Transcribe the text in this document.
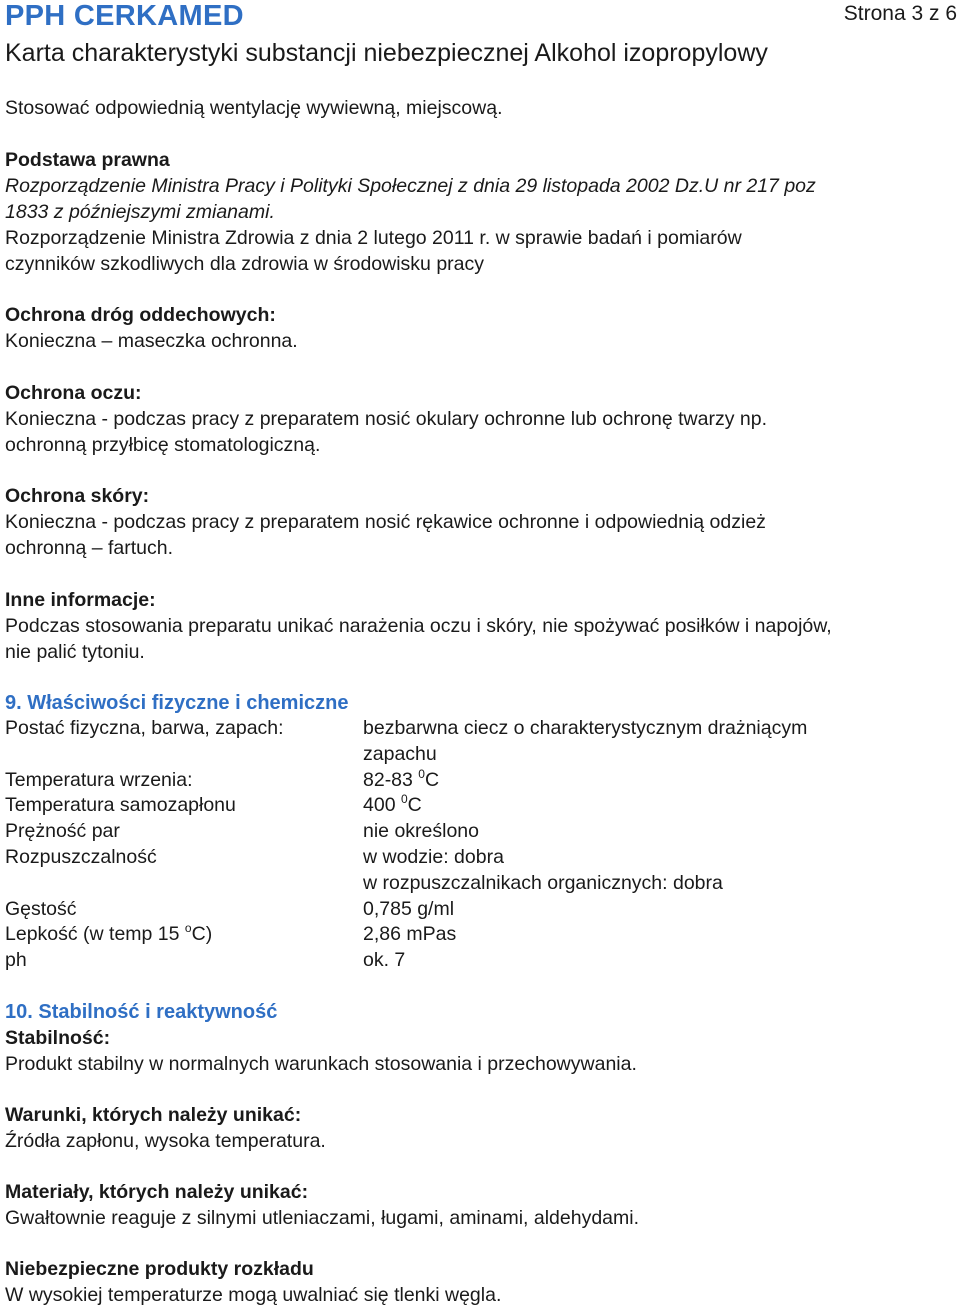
PPH CERKAMED	Strona 3 z 6
Karta charakterystyki substancji niebezpiecznej Alkohol izopropylowy

Stosować odpowiednią wentylację wywiewną, miejscową.

Podstawa prawna

Rozporządzenie Ministra Pracy i Polityki Społecznej z dnia 29 listopada 2002 Dz.U nr 217 poz

1833 z późniejszymi zmianami.

Rozporządzenie Ministra Zdrowia z dnia 2 lutego 2011 r. w sprawie badań i pomiarów

czynników szkodliwych dla zdrowia w środowisku pracy

Ochrona dróg oddechowych:

Konieczna – maseczka ochronna.

Ochrona oczu:

Konieczna - podczas pracy z preparatem nosić okulary ochronne lub ochronę twarzy np.

ochronną przyłbicę stomatologiczną.

Ochrona skóry:

Konieczna - podczas pracy z preparatem nosić rękawice ochronne i odpowiednią odzież

ochronną – fartuch.

Inne informacje:

Podczas stosowania preparatu unikać narażenia oczu i skóry, nie spożywać posiłków i napojów,

nie palić tytoniu.

9. Właściwości fizyczne i chemiczne

Postać fizyczna, barwa, zapach:	bezbarwna ciecz o charakterystycznym drażniącym
	zapachu
Temperatura wrzenia:	82-83 $^0$C
Temperatura samozapłonu	400 $^0$C
Prężność par	nie określono
Rozpuszczalność	w wodzie: dobra
	w rozpuszczalnikach organicznych: dobra
Gęstość	0,785 g/ml
Lepkość (w temp 15 $^o$C)	2,86 mPas
ph	ok. 7

10. Stabilność i reaktywność

Stabilność:

Produkt stabilny w normalnych warunkach stosowania i przechowywania.

Warunki, których należy unikać:

Źródła zapłonu, wysoka temperatura.

Materiały, których należy unikać:

Gwałtownie reaguje z silnymi utleniaczami, ługami, aminami, aldehydami.

Niebezpieczne produkty rozkładu

W wysokiej temperaturze mogą uwalniać się tlenki węgla.
